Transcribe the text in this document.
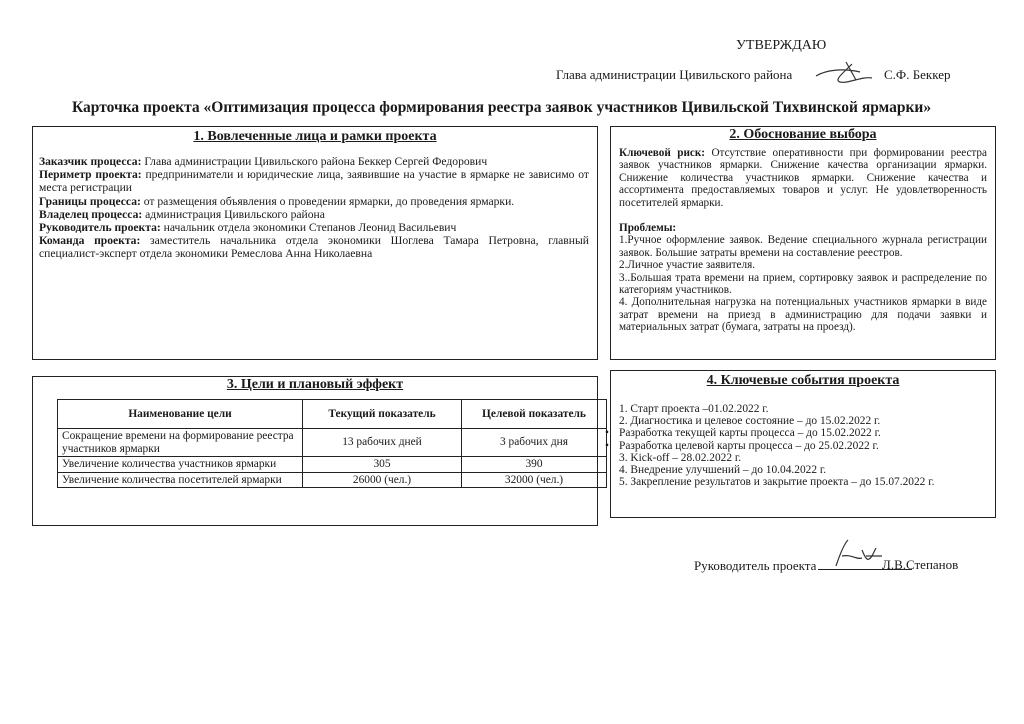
УТВЕРЖДАЮ
Глава администрации Цивильского района	С.Ф. Беккер
Карточка проекта «Оптимизация процесса формирования реестра заявок участников Цивильской Тихвинской ярмарки»
1. Вовлеченные лица и рамки проекта

Заказчик процесса: Глава администрации Цивильского района Беккер Сергей Федорович

Периметр проекта: предприниматели и юридические лица, заявившие на участие в ярмарке не зависимо от места регистрации

Границы процесса: от размещения объявления о проведении ярмарки, до проведения ярмарки.

Владелец процесса: администрация Цивильского района

Руководитель проекта: начальник отдела экономики Степанов Леонид Васильевич

Команда проекта: заместитель начальника отдела экономики Шоглева Тамара Петровна, главный специалист-эксперт отдела экономики Ремеслова Анна Николаевна

2. Обоснование выбора

Ключевой риск: Отсутствие оперативности при формировании реестра заявок участников ярмарки. Снижение качества организации ярмарки. Снижение количества участников ярмарки. Снижение качества и ассортимента предоставляемых товаров и услуг. Не удовлетворенность посетителей ярмарки.

Проблемы:

1.Ручное оформление заявок. Ведение специального журнала регистрации заявок. Большие затраты времени на составление реестров.

2.Личное участие заявителя.

3..Большая трата времени на прием, сортировку заявок и распределение по категориям участников.

4. Дополнительная нагрузка на потенциальных участников ярмарки в виде затрат времени на приезд в администрацию для подачи заявки и материальных затрат (бумага, затраты на проезд).

3. Цели и плановый эффект
Наименование цели	Текущий показатель	Целевой показатель
Сокращение времени на формирование реестра участников ярмарки	13 рабочих дней	3 рабочих дня
Увеличение количества участников ярмарки	305	390
Увеличение количества посетителей ярмарки	26000 (чел.)	32000 (чел.)
4. Ключевые события проекта

1. Старт проекта –01.02.2022 г.

2. Диагностика и целевое состояние – до 15.02.2022 г.

• Разработка текущей карты процесса – до 15.02.2022 г.

• Разработка целевой карты процесса – до 25.02.2022 г.

3. Kick-off – 28.02.2022 г.

4. Внедрение улучшений – до 10.04.2022 г.

5. Закрепление результатов и закрытие проекта – до 15.07.2022 г.

Руководитель проекта	Л.В.Степанов
